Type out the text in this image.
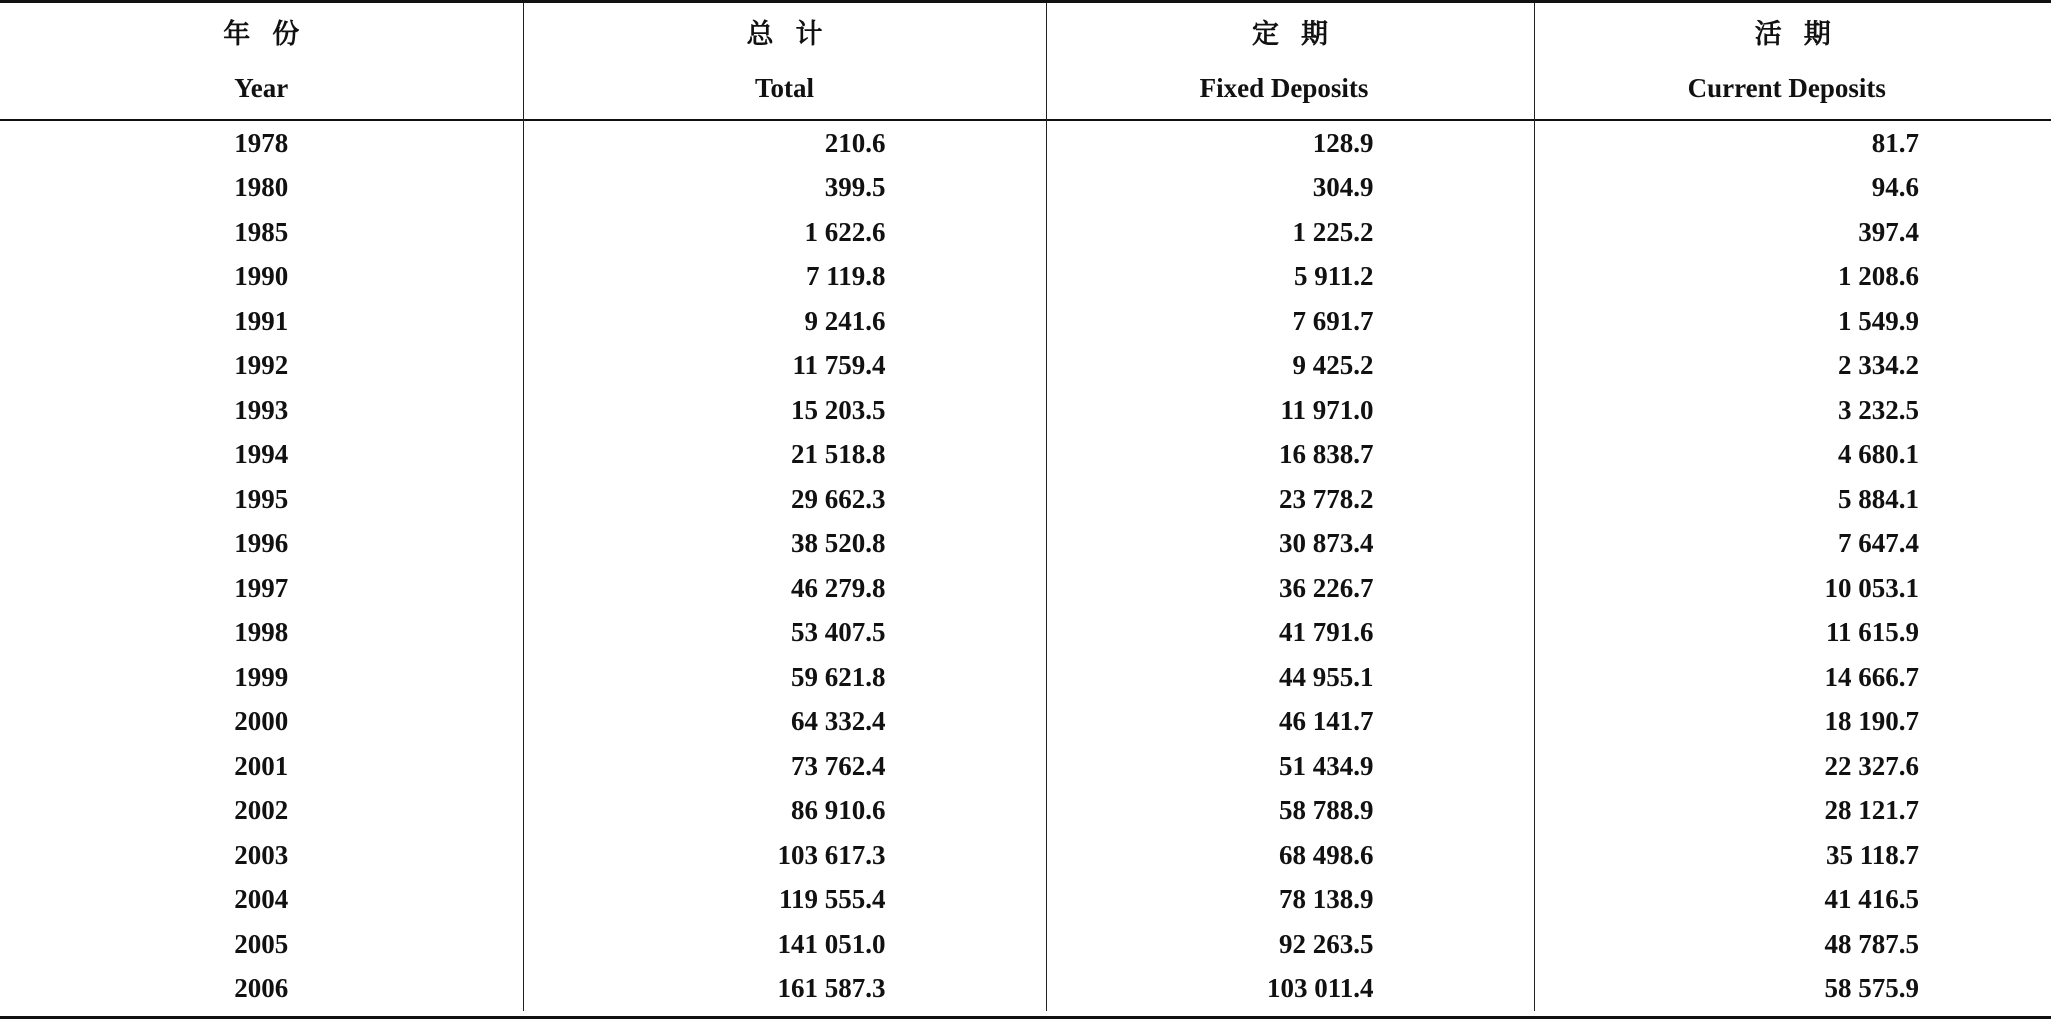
年份	总计	定期	活期
Year	Total	Fixed Deposits	Current Deposits
1978	210.6	128.9	81.7
1980	399.5	304.9	94.6
1985	1 622.6	1 225.2	397.4
1990	7 119.8	5 911.2	1 208.6
1991	9 241.6	7 691.7	1 549.9
1992	11 759.4	9 425.2	2 334.2
1993	15 203.5	11 971.0	3 232.5
1994	21 518.8	16 838.7	4 680.1
1995	29 662.3	23 778.2	5 884.1
1996	38 520.8	30 873.4	7 647.4
1997	46 279.8	36 226.7	10 053.1
1998	53 407.5	41 791.6	11 615.9
1999	59 621.8	44 955.1	14 666.7
2000	64 332.4	46 141.7	18 190.7
2001	73 762.4	51 434.9	22 327.6
2002	86 910.6	58 788.9	28 121.7
2003	103 617.3	68 498.6	35 118.7
2004	119 555.4	78 138.9	41 416.5
2005	141 051.0	92 263.5	48 787.5
2006	161 587.3	103 011.4	58 575.9
